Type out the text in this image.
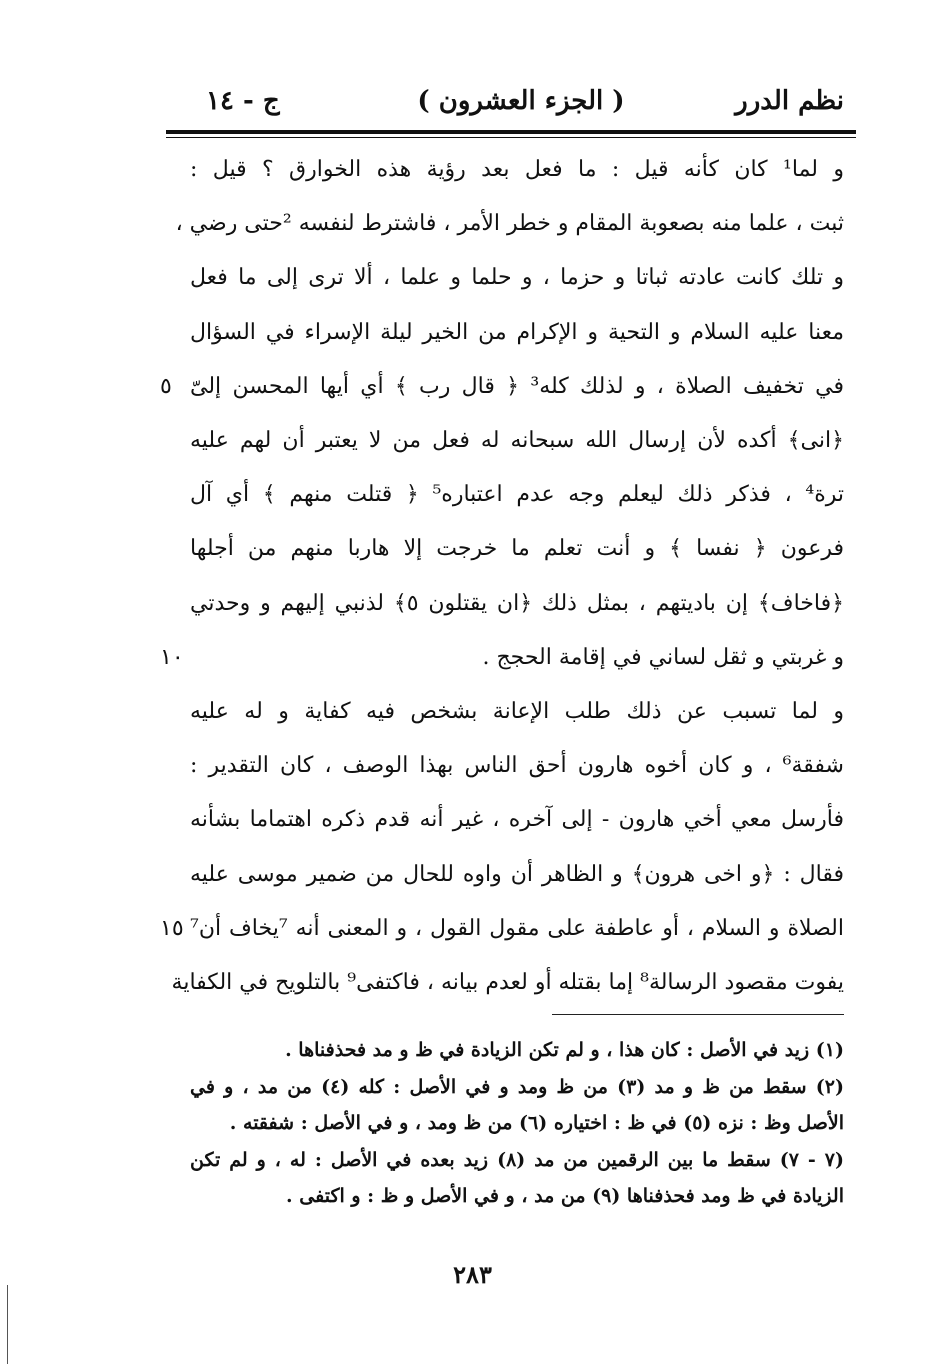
نظم الدرر
( الجزء العشرون )
ج - ١٤
و لما¹ كان كأنه قيل : ما فعل بعد رؤية هذه الخوارق ؟ قيل :
ثبت ، علما منه بصعوبة المقام و خطر الأمر ، فاشترط لنفسه ²حتى رضي ،
و تلك كانت عادته ثباتا و حزما ، و حلما و علما ، ألا ترى إلى ما فعل
معنا عليه السلام و التحية و الإكرام من الخير ليلة الإسراء في السؤال
في تخفيف الصلاة ، و لذلك كله³ ﴿ قال رب ﴾ أي أيها المحسن إلىّ
٥
﴿انى﴾ أكده لأن إرسال الله سبحانه له فعل من لا يعتبر أن لهم عليه
ترة⁴ ، فذكر ذلك ليعلم وجه عدم اعتباره⁵ ﴿ قتلت منهم ﴾ أي آل
فرعون ﴿ نفسا ﴾ و أنت تعلم ما خرجت إلا هاربا منهم من أجلها
﴿فاخاف﴾ إن باديتهم ، بمثل ذلك ﴿ان يقتلون ٥﴾ لذنبي إليهم و وحدتي
و غربتي و ثقل لساني في إقامة الحجج .
١٠
و لما تسبب عن ذلك طلب الإعانة بشخص فيه كفاية و له عليه
شفقة⁶ ، و كان أخوه هارون أحق الناس بهذا الوصف ، كان التقدير :
فأرسل معي أخي هارون - إلى آخره ، غير أنه قدم ذكره اهتماما بشأنه
فقال : ﴿و اخى هرون﴾ و الظاهر أن واوه للحال من ضمير موسى عليه
الصلاة و السلام ، أو عاطفة على مقول القول ، و المعنى أنه ⁷يخاف أن⁷
١٥
يفوت مقصود الرسالة⁸ إما بقتله أو لعدم بيانه ، فاكتفى⁹ بالتلويح في الكفاية
(١) زيد في الأصل : كان هذا ، و لم تكن الزيادة في ظ و مد فحذفناها .
(٢) سقط من ظ و مد (٣) من ظ ومد و في الأصل : كله (٤) من مد ، و في
الأصل وظ : نزه (٥) في ظ : اختياره (٦) من ظ ومد ، و في الأصل : شفقته .
(٧ - ٧) سقط ما بين الرقمين من مد (٨) زيد بعده في الأصل : له ، و لم تكن
الزيادة في ظ ومد فحذفناها (٩) من مد ، و في الأصل و ظ : و اكتفى .
٢٨٣
